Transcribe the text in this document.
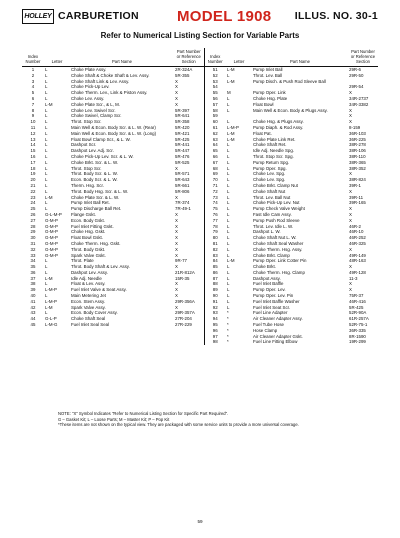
HOLLEY CARBURETION	MODEL 1908 ILLUS. NO. 30-1
Refer to Numerical Listing Section for Variable Parts
Index Number	Letter	Part Name	Part Number or Reference Section	Index Number	Letter	Part Name	Part Number or Reference Section
1	L	Choke Plate Assy.	2R-324A	51	L-M	Pump Inlet Ball	29R-6
2	L	Choke Shaft & Choke Shaft & Lev. Assy.	5R-355	52	L	Throt. Lev. Ball	29R-50
3	L	Choke Shaft Link & Lev. Assy.	X	53	L-M	Pump Disch. & Push Rod Sleeve Ball	
4	L	Choke Pick-Up Lev.	X	54			29R-54
5	L	Choke Therm. Lev., Link & Piston Assy.	X	55	M	Pump Oper. Link	X
6	L	Choke Lev. Assy.	X	56	L	Choke Hsg. Plate	34R-2737
7	L-M	Choke Plate Scr., & L, M.	X	57	L	Float Bowl	34R-3382
8	L	Choke Lev. Swivel Scr.	5R-397	58	L	Main Well & Econ. Body & Plugs Assy.	X
9	L	Choke Swivel, Clamp Scr.	5R-641	59			X
10	L	Throt. Stop Scr.	5R-358	60	L	Choke Hsg. & Plugs Assy.	X
11	L	Main Well & Econ. Body Scr. & L. W. (Rear)	5R-420	61	L-M-P	Pump Diaph. & Rod Assy.	8-159
12	L	Main Well & Econ. Body Scr. & L. W. (Long)	5R-421	62	L-M	Float Pat.	36R-103
13	L	Float Bowl Clamp Scr., & L. W.	5R-425	63	L-M	Choke Plate Link Ret.	36R-225
14	L	Dashpot Scr.	5R-441	64	L	Choke Shaft Ret.	38R-278
15	L	Dashpot Lev. Adj. Scr.	5R-447	65	L	Idle Adj. Needle Spg.	38R-106
16	L	Choke Pick-Up Lev. Scr. & L. W.	5R-476	66	L	Throt. Stop Scr. Spg.	38R-110
17	L	Choke Brkt. Scr. & L. W.	5R-525	67	L	Pump Return Spg.	38R-365
18	L	Throt. Stop Scr.	X	68	L	Pump Oper. Spg.	38R-352
19	L	Throt. Body Scr. & L. W.	5R-571	69	L	Choke Lev. Spg.	X
20	L	Econ. Body Scr. & L. W.	5R-643	70	L	Choke Lev. Spg.	38R-824
21	L	Therm. Hsg. Scr.	5R-661	71	L	Choke Brkt. Clamp Nut	39R-1
22	L	Throt. Body Hsg. Scr. & L. W.	5R-806	72	L	Choke Shaft Nut	X
23	L-M	Choke Plate Scr. & L. W.	X	73	L	Throt. Lev. Ball Nut	39R-11
24	L	Pump Inlet Ball Ret.	7R-374	74	L	Choke Pick-Up Lev. Nut	39R-165
25	L	Pump Discharge Ball Ret.	7R-49-1	75	L	Pump Check Valve Weight	X
26	G-L-M-P	Flange Gskt.	X	76	L	Fast Idle Cam Assy.	X
27	G-M-P	Econ. Body Gskt.	X	77	L	Pump Push Rod Sleeve	X
28	G-M-P	Fuel Inlet Fitting Gskt.	X	78	L	Throt. Lev. Idle L. W.	46R-2
29	G-M-P	Choke Hsg. Gskt.	X	79	L	Dashpot L. W.	46R-10
30	G-M-P	Float Bowl Gskt.	X	80	L	Choke Shaft Nut L. W.	46R-252
31	G-M-P	Choke Therm. Hsg. Gskt.	X	81	L	Choke Shaft Seal Washer	46R-325
32	G-M-P	Throt. Body Gskt.	X	82	L	Choke Therm. Hsg. Assy.	X
33	G-M-P	Spark Valve Gskt.	X	83	L	Choke Brkt. Clamp	49R-149
34	L	Throt. Plate	9R-77	84	L-M	Pump Oper. Link Cotter Pin	48R-163
35	L	Throt. Body Shaft & Lev. Assy.	X	85	L	Choke Brkt.	X
36	L	Dashpot Lev. Assy.	21R-812A	86	L	Choke Therm. Hsg. Clamp	49R-128
37	L-M	Idle Adj. Needle	15R-35	87	L	Dashpot Assy.	11-3
38	L	Float & Lev. Assy.	X	88	L	Fuel Inlet Baffle	X
39	L-M-P	Fuel Inlet Valve & Seat Assy.	X	89	L	Pump Oper. Lev.	X
40	L	Main Metering Jet	X	90	L	Pump Oper. Lev. Pin	75R-37
41	L-M-P	Econ. Stem Assy.	29R-356A	91	L	Fuel Inlet Baffle Washer	46R-416
42	L-M	Spark Valve Assy.	X	92	L	Fuel Inlet Seat Scr.	5R-425
43	L	Econ. Body Cover Assy.	29R-357A	93	*	Fuel Line Adapter	52R-90A
44	G-L-P	Choke Shaft Seal	27R-204	94	*	Air Cleaner Adapter Assy.	61R-257A
45	L-M-G	Fuel Inlet Seal Seal	27R-229	95	*	Fuel Tube Hose	52R-75-1
				96	*	Hose Clamp	36R-335
				97	*	Air Cleaner Adapter Gskt.	8R-1590
				98	*	Fuel Line Fitting Elbow	19R-299
NOTE: "X" Symbol Indicates "Refer to Numerical Listing Section for Specific Part Required".
G – Gasket Kit; L – Loose Parts; M – Master Kit; P – Pop Kit
*These items are not shown on the typical view. They are packaged with some service units to provide a more universal coverage.
59
